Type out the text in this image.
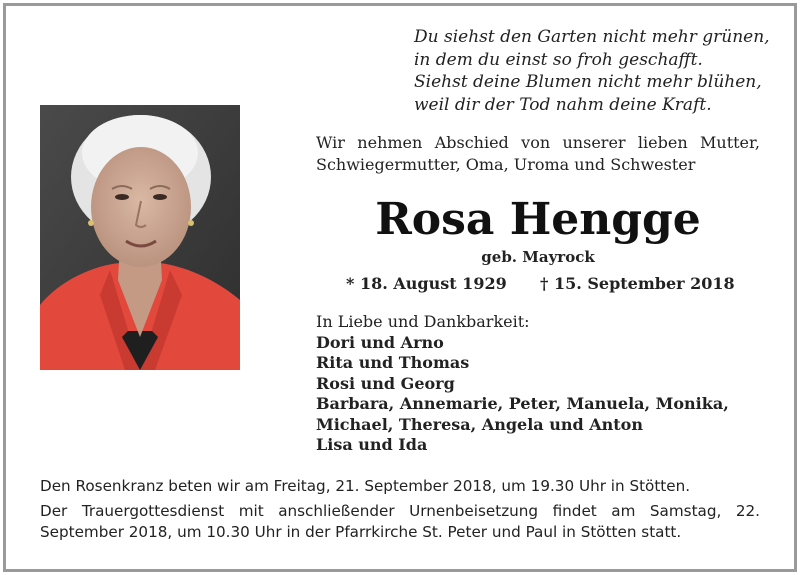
Du siehst den Garten nicht mehr grünen,
in dem du einst so froh geschafft.
Siehst deine Blumen nicht mehr blühen,
weil dir der Tod nahm deine Kraft.
Wir nehmen Abschied von unserer lieben Mutter, Schwiegermutter, Oma, Uroma und Schwester
Rosa Hengge
geb. Mayrock
* 18. August 1929 † 15. September 2018
In Liebe und Dankbarkeit:
Dori und Arno
Rita und Thomas
Rosi und Georg
Barbara, Annemarie, Peter, Manuela, Monika,
Michael, Theresa, Angela und Anton
Lisa und Ida
Den Rosenkranz beten wir am Freitag, 21. September 2018, um 19.30 Uhr in Stötten.
Der Trauergottesdienst mit anschließender Urnenbeisetzung findet am Samstag, 22. September 2018, um 10.30 Uhr in der Pfarrkirche St. Peter und Paul in Stötten statt.
